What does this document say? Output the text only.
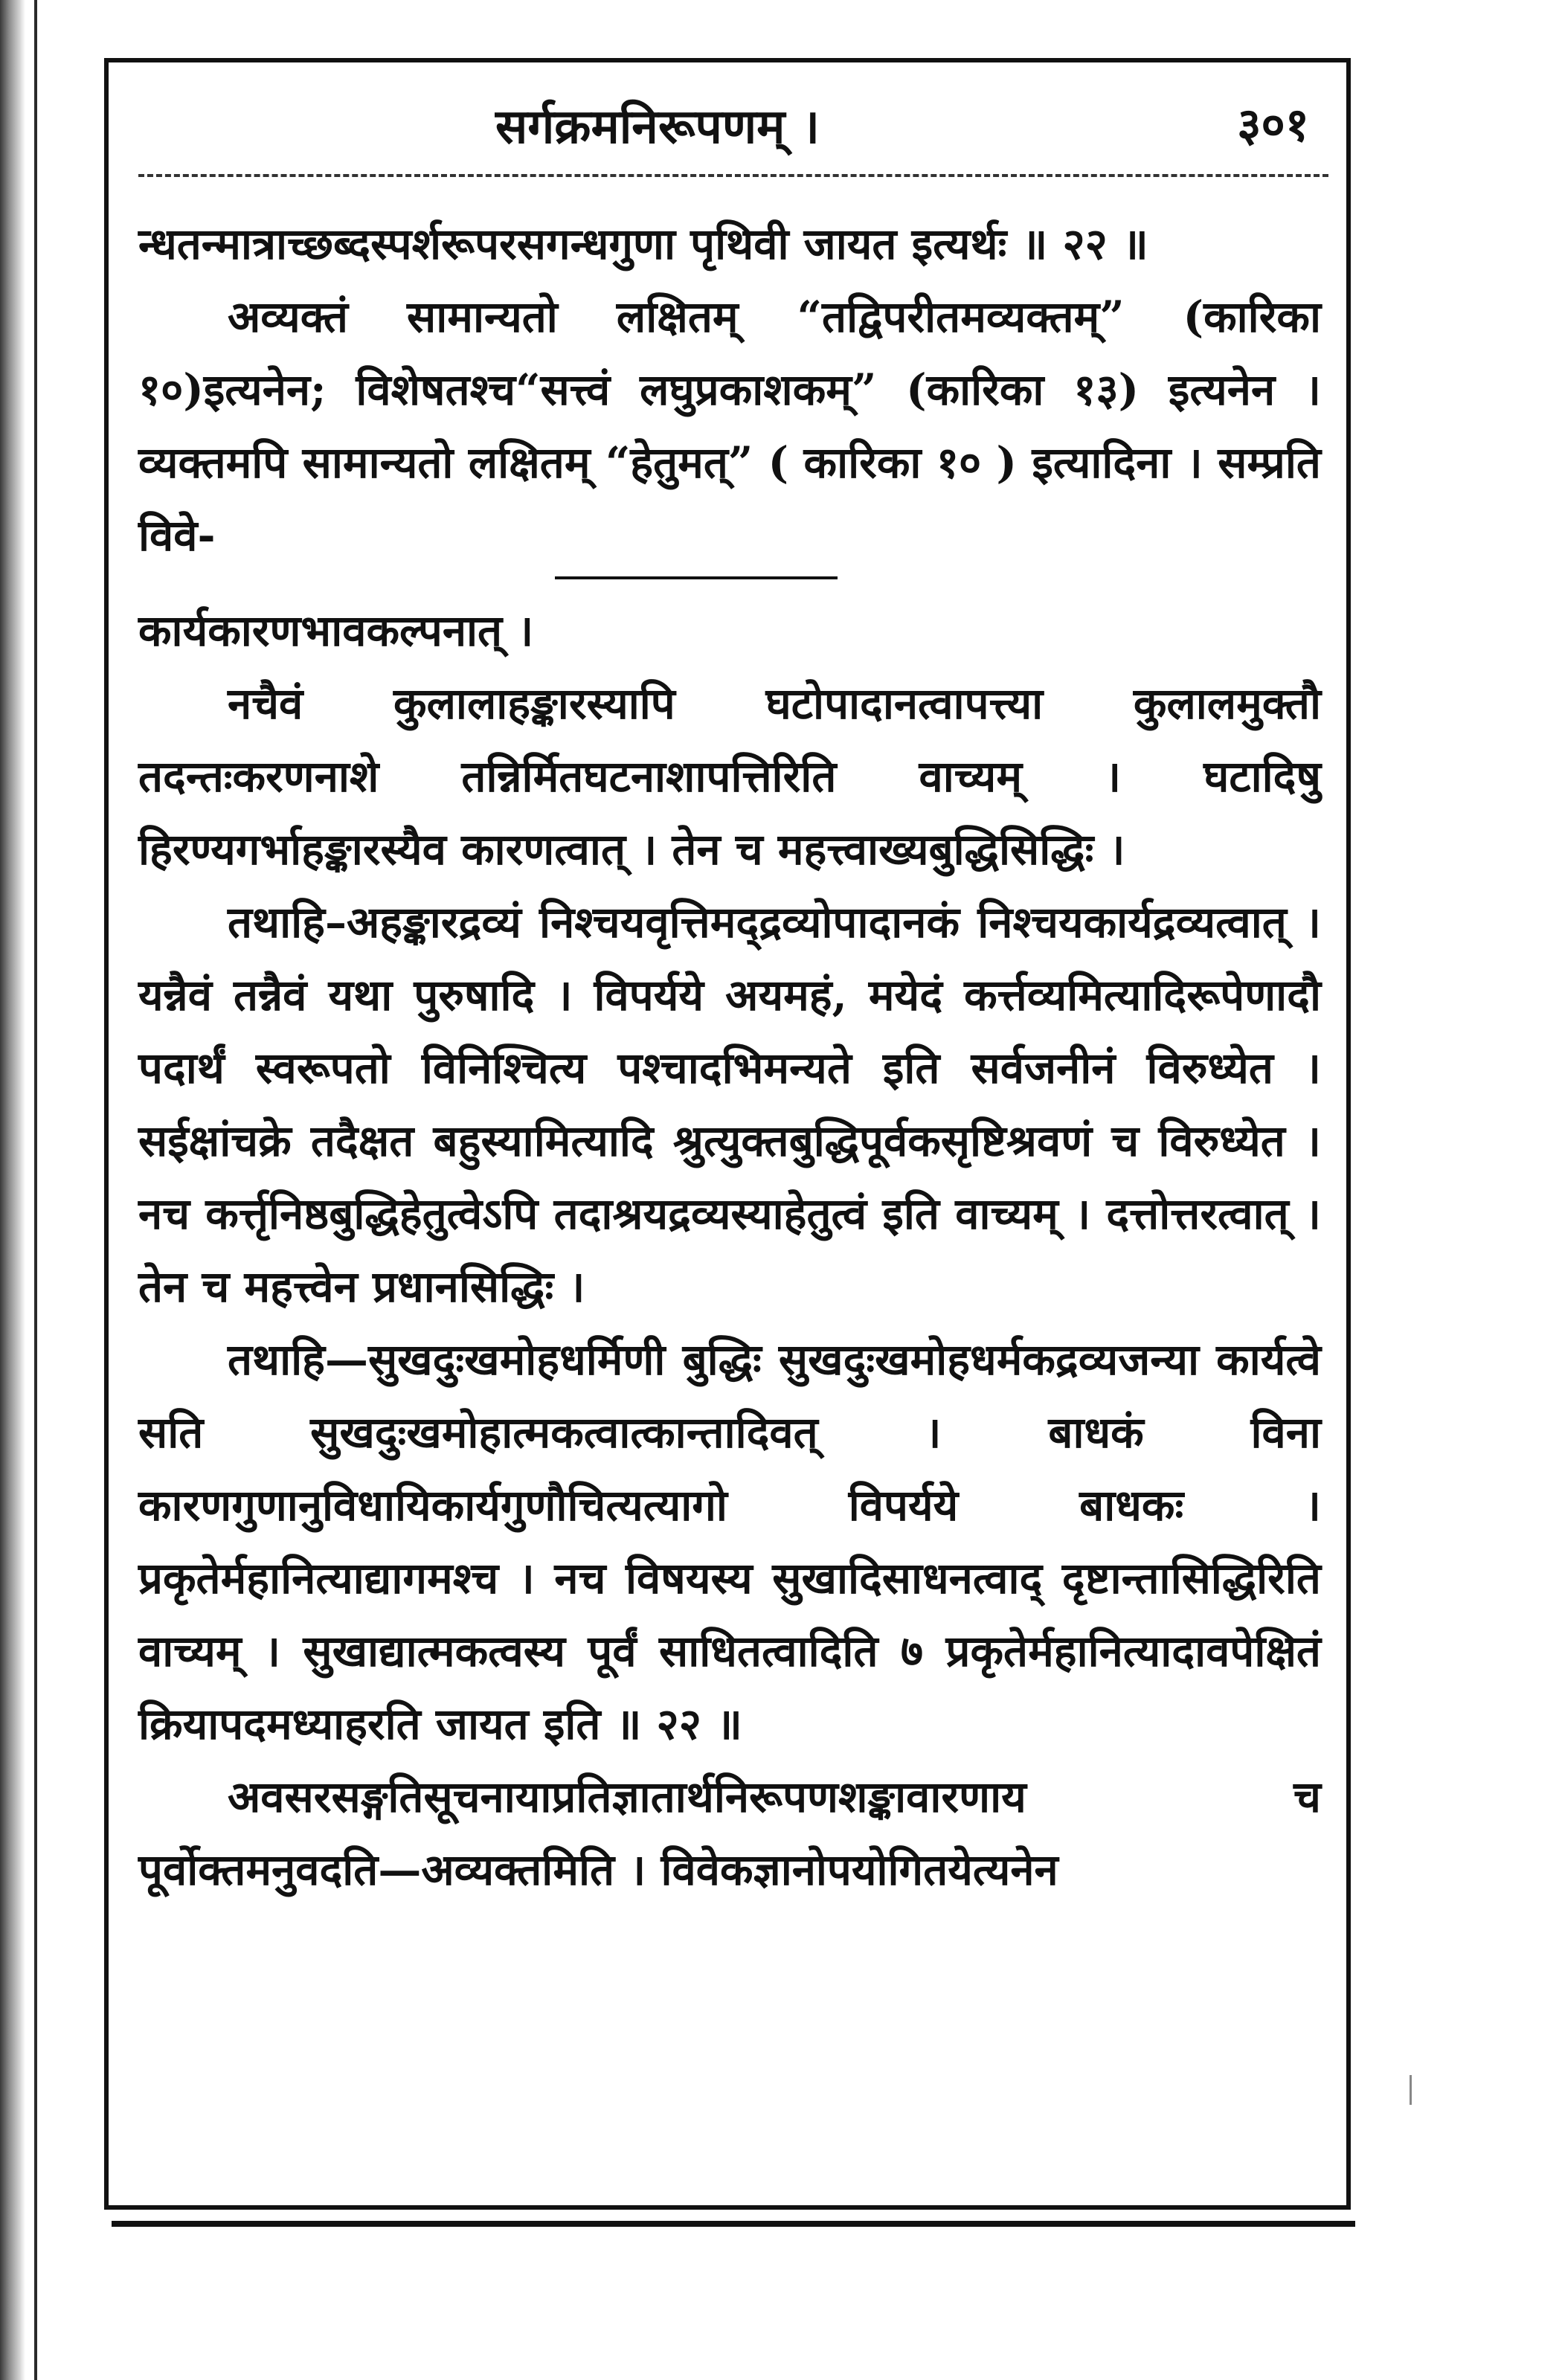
सर्गक्रमनिरूपणम् ।	३०१

न्धतन्मात्राच्छब्दस्पर्शरूपरसगन्धगुणा पृथिवी जायत इत्यर्थः ॥ २२ ॥

अव्यक्तं सामान्यतो लक्षितम् “तद्विपरीतमव्यक्तम्” (कारिका १०)इत्यनेन; विशेषतश्च“सत्त्वं लघुप्रकाशकम्” (कारिका १३) इत्यनेन । व्यक्तमपि सामान्यतो लक्षितम् “हेतुमत्” ( कारिका १० ) इत्यादिना । सम्प्रति विवे-

कार्यकारणभावकल्पनात् ।

नचैवं कुलालाहङ्कारस्यापि घटोपादानत्वापत्त्या कुलालमुक्तौ तदन्तःकरणनाशे तन्निर्मितघटनाशापत्तिरिति वाच्यम् । घटादिषु हिरण्यगर्भाहङ्कारस्यैव कारणत्वात् । तेन च महत्त्वाख्यबुद्धिसिद्धिः ।

तथाहि–अहङ्कारद्रव्यं निश्चयवृत्तिमद्द्रव्योपादानकं निश्चयकार्यद्रव्यत्वात् । यन्नैवं तन्नैवं यथा पुरुषादि । विपर्यये अयमहं, मयेदं कर्त्तव्यमित्यादिरूपेणादौ पदार्थं स्वरूपतो विनिश्चित्य पश्चादभिमन्यते इति सर्वजनीनं विरुध्येत । सईक्षांचक्रे तदैक्षत बहुस्यामित्यादि श्रुत्युक्तबुद्धिपूर्वकसृष्टिश्रवणं च विरुध्येत । नच कर्त्तृनिष्ठबुद्धिहेतुत्वेऽपि तदाश्रयद्रव्यस्याहेतुत्वं इति वाच्यम् । दत्तोत्तरत्वात् । तेन च महत्त्वेन प्रधानसिद्धिः ।

तथाहि—सुखदुःखमोहधर्मिणी बुद्धिः सुखदुःखमोहधर्मकद्रव्यजन्या कार्यत्वे सति सुखदुःखमोहात्मकत्वात्कान्तादिवत् । बाधकं विना कारणगुणानुविधायिकार्यगुणौचित्यत्यागो विपर्यये बाधकः । प्रकृतेर्महानित्याद्यागमश्च । नच विषयस्य सुखादिसाधनत्वाद् दृष्टान्तासिद्धिरिति वाच्यम् । सुखाद्यात्मकत्वस्य पूर्वं साधितत्वादिति ७ प्रकृतेर्महानित्यादावपेक्षितं क्रियापदमध्याहरति जायत इति ॥ २२ ॥

अवसरसङ्गतिसूचनायाप्रतिज्ञातार्थनिरूपणशङ्कावारणाय च पूर्वोक्तमनुवदति—अव्यक्तमिति । विवेकज्ञानोपयोगितयेत्यनेन
